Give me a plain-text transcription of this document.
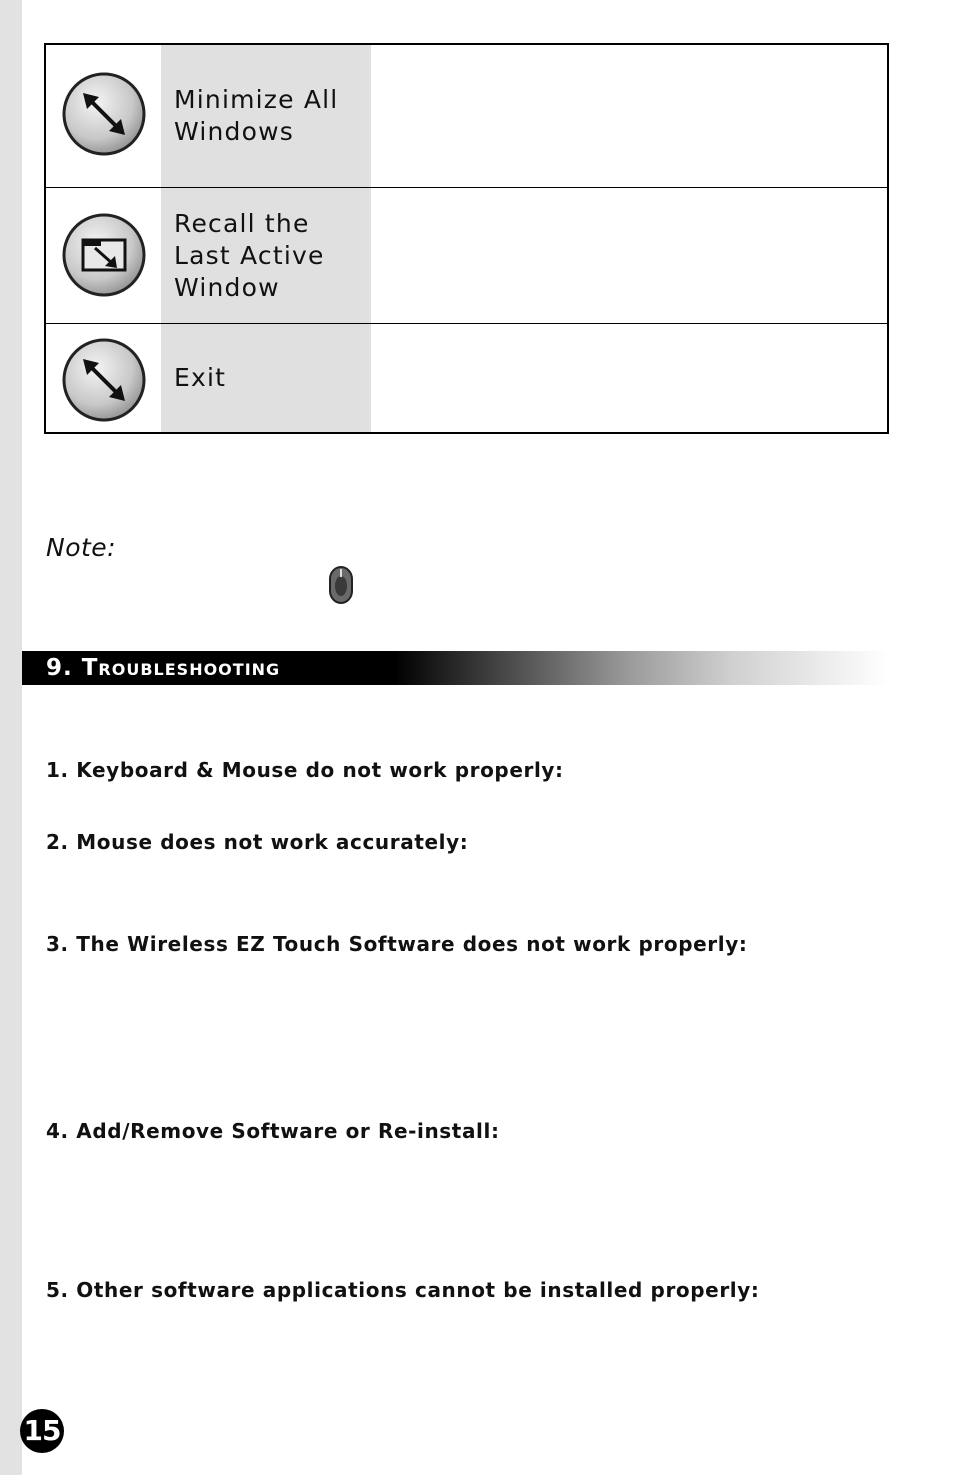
Minimize All
Windows
Recall the
Last Active
Window
Exit
Note:
9. Troubleshooting
1. Keyboard & Mouse do not work properly:
2. Mouse does not work accurately:
3. The Wireless EZ Touch Software does not work properly:
4. Add/Remove Software or Re-install:
5. Other software applications cannot be installed properly:
15
